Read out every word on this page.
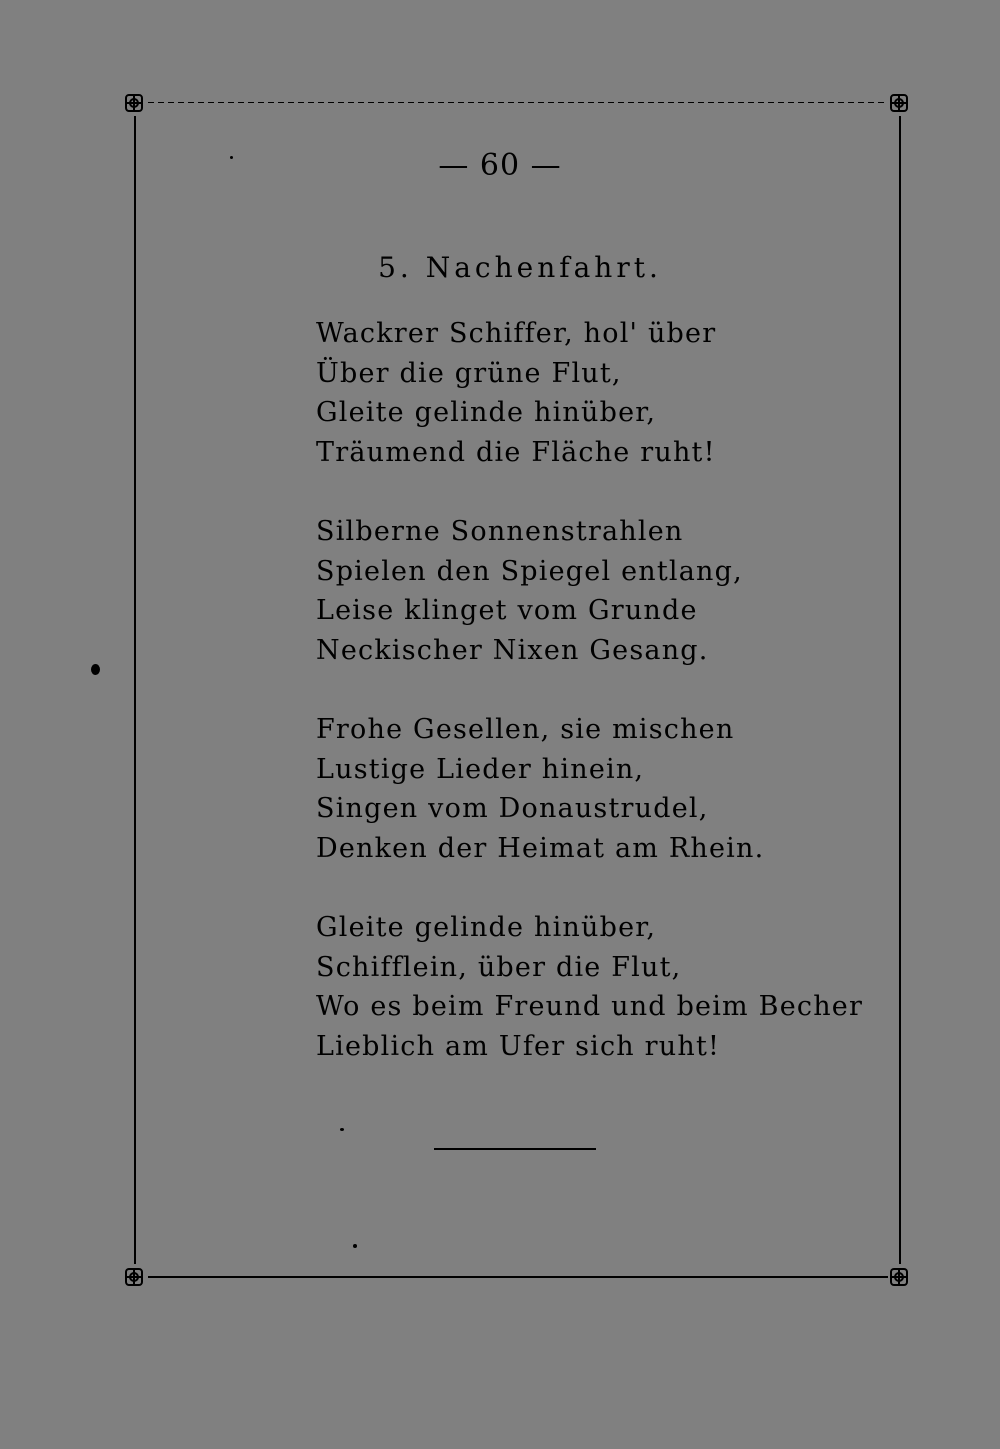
— 60 —
5. Nachenfahrt.
Wackrer Schiffer, hol' über
Über die grüne Flut,
Gleite gelinde hinüber,
Träumend die Fläche ruht!
Silberne Sonnenstrahlen
Spielen den Spiegel entlang,
Leise klinget vom Grunde
Neckischer Nixen Gesang.
Frohe Gesellen, sie mischen
Lustige Lieder hinein,
Singen vom Donaustrudel,
Denken der Heimat am Rhein.
Gleite gelinde hinüber,
Schifflein, über die Flut,
Wo es beim Freund und beim Becher
Lieblich am Ufer sich ruht!
